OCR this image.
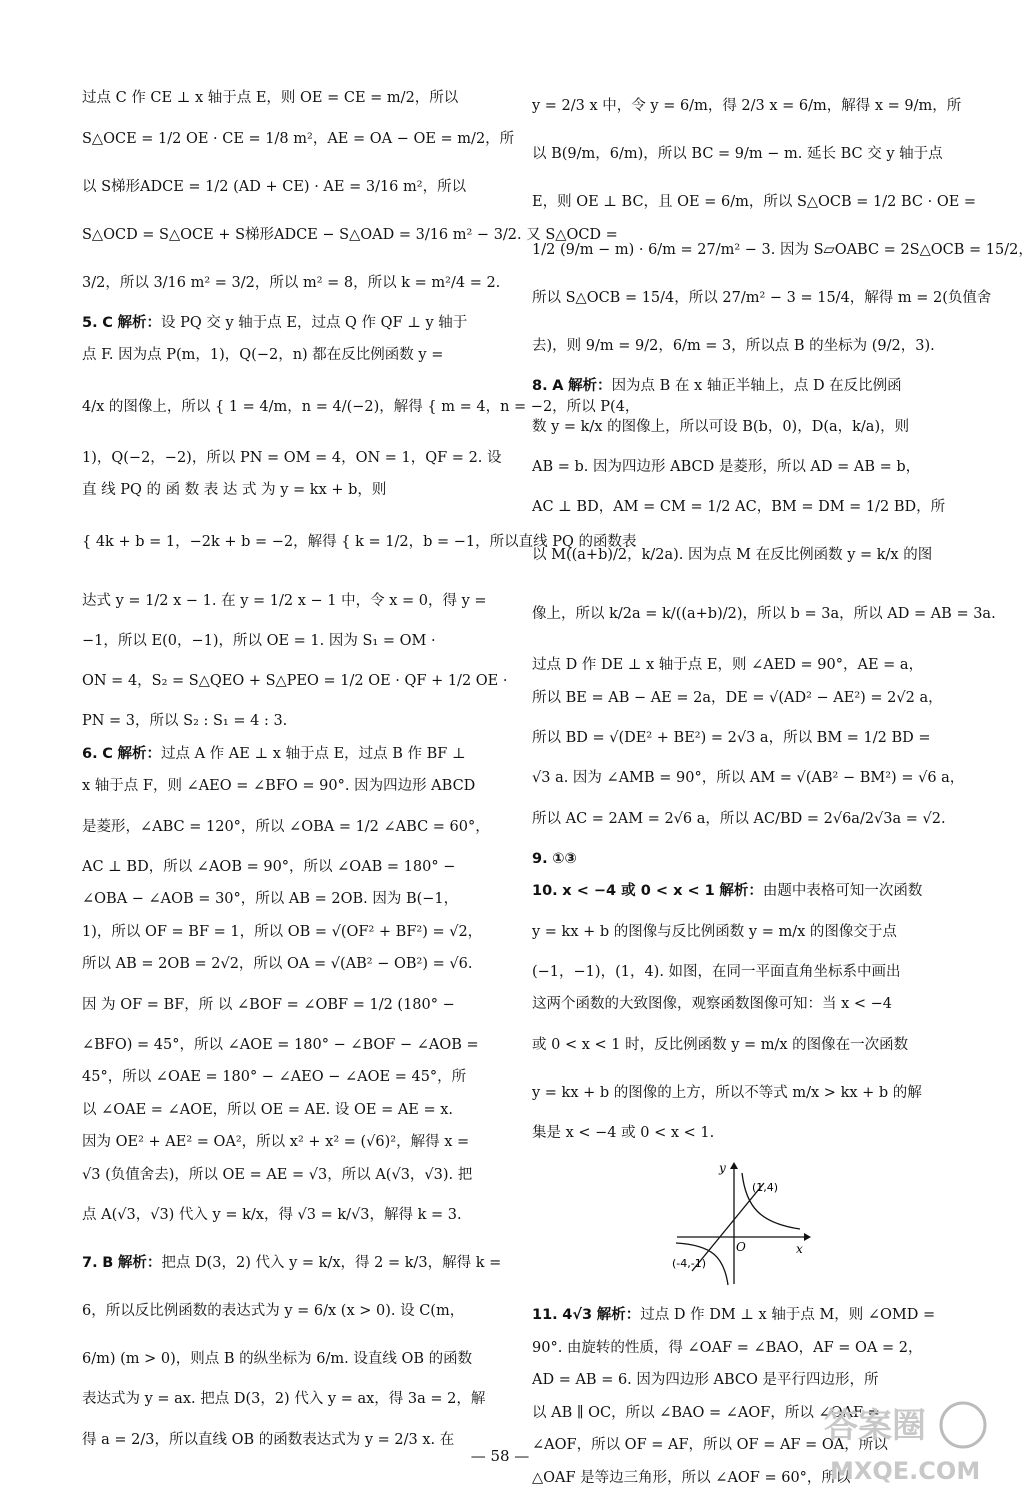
过点 C 作 CE ⊥ x 轴于点 E，则 OE = CE = m/2，所以
S△OCE = 1/2 OE · CE = 1/8 m²，AE = OA − OE = m/2，所
以 S梯形ADCE = 1/2 (AD + CE) · AE = 3/16 m²，所以
S△OCD = S△OCE + S梯形ADCE − S△OAD = 3/16 m² − 3/2. 又 S△OCD =
3/2，所以 3/16 m² = 3/2，所以 m² = 8，所以 k = m²/4 = 2.
5. C 解析：设 PQ 交 y 轴于点 E，过点 Q 作 QF ⊥ y 轴于
点 F. 因为点 P(m，1)，Q(−2，n) 都在反比例函数 y =
4/x 的图像上，所以 { 1 = 4/m，n = 4/(−2)，解得 { m = 4，n = −2，所以 P(4，
1)，Q(−2，−2)，所以 PN = OM = 4，ON = 1，QF = 2. 设
直 线 PQ 的 函 数 表 达 式 为 y = kx + b，则
{ 4k + b = 1，−2k + b = −2，解得 { k = 1/2，b = −1，所以直线 PQ 的函数表
达式 y = 1/2 x − 1. 在 y = 1/2 x − 1 中，令 x = 0，得 y =
−1，所以 E(0，−1)，所以 OE = 1. 因为 S₁ = OM ·
ON = 4，S₂ = S△QEO + S△PEO = 1/2 OE · QF + 1/2 OE ·
PN = 3，所以 S₂ : S₁ = 4 : 3.
6. C 解析：过点 A 作 AE ⊥ x 轴于点 E，过点 B 作 BF ⊥
x 轴于点 F，则 ∠AEO = ∠BFO = 90°. 因为四边形 ABCD
是菱形，∠ABC = 120°，所以 ∠OBA = 1/2 ∠ABC = 60°，
AC ⊥ BD，所以 ∠AOB = 90°，所以 ∠OAB = 180° −
∠OBA − ∠AOB = 30°，所以 AB = 2OB. 因为 B(−1，
1)，所以 OF = BF = 1，所以 OB = √(OF² + BF²) = √2，
所以 AB = 2OB = 2√2，所以 OA = √(AB² − OB²) = √6.
因 为 OF = BF，所 以 ∠BOF = ∠OBF = 1/2 (180° −
∠BFO) = 45°，所以 ∠AOE = 180° − ∠BOF − ∠AOB =
45°，所以 ∠OAE = 180° − ∠AEO − ∠AOE = 45°，所
以 ∠OAE = ∠AOE，所以 OE = AE. 设 OE = AE = x.
因为 OE² + AE² = OA²，所以 x² + x² = (√6)²，解得 x =
√3 (负值舍去)，所以 OE = AE = √3，所以 A(√3，√3). 把
点 A(√3，√3) 代入 y = k/x，得 √3 = k/√3，解得 k = 3.
7. B 解析：把点 D(3，2) 代入 y = k/x，得 2 = k/3，解得 k =
6，所以反比例函数的表达式为 y = 6/x (x > 0). 设 C(m，
6/m) (m > 0)，则点 B 的纵坐标为 6/m. 设直线 OB 的函数
表达式为 y = ax. 把点 D(3，2) 代入 y = ax，得 3a = 2，解
得 a = 2/3，所以直线 OB 的函数表达式为 y = 2/3 x. 在
y = 2/3 x 中，令 y = 6/m，得 2/3 x = 6/m，解得 x = 9/m，所
以 B(9/m，6/m)，所以 BC = 9/m − m. 延长 BC 交 y 轴于点
E，则 OE ⊥ BC，且 OE = 6/m，所以 S△OCB = 1/2 BC · OE =
1/2 (9/m − m) · 6/m = 27/m² − 3. 因为 S▱OABC = 2S△OCB = 15/2，
所以 S△OCB = 15/4，所以 27/m² − 3 = 15/4，解得 m = 2(负值舍
去)，则 9/m = 9/2，6/m = 3，所以点 B 的坐标为 (9/2，3).
8. A 解析：因为点 B 在 x 轴正半轴上，点 D 在反比例函
数 y = k/x 的图像上，所以可设 B(b，0)，D(a，k/a)，则
AB = b. 因为四边形 ABCD 是菱形，所以 AD = AB = b，
AC ⊥ BD，AM = CM = 1/2 AC，BM = DM = 1/2 BD，所
以 M((a+b)/2，k/2a). 因为点 M 在反比例函数 y = k/x 的图
像上，所以 k/2a = k/((a+b)/2)，所以 b = 3a，所以 AD = AB = 3a.
过点 D 作 DE ⊥ x 轴于点 E，则 ∠AED = 90°，AE = a，
所以 BE = AB − AE = 2a，DE = √(AD² − AE²) = 2√2 a，
所以 BD = √(DE² + BE²) = 2√3 a，所以 BM = 1/2 BD =
√3 a. 因为 ∠AMB = 90°，所以 AM = √(AB² − BM²) = √6 a，
所以 AC = 2AM = 2√6 a，所以 AC/BD = 2√6a/2√3a = √2.
9. ①③
10. x < −4 或 0 < x < 1 解析：由题中表格可知一次函数
y = kx + b 的图像与反比例函数 y = m/x 的图像交于点
(−1，−1)，(1，4). 如图，在同一平面直角坐标系中画出
这两个函数的大致图像，观察函数图像可知：当 x < −4
或 0 < x < 1 时，反比例函数 y = m/x 的图像在一次函数
y = kx + b 的图像的上方，所以不等式 m/x > kx + b 的解
集是 x < −4 或 0 < x < 1.
y
x
O
(1,4)
(-4,-1)
11. 4√3 解析：过点 D 作 DM ⊥ x 轴于点 M，则 ∠OMD =
90°. 由旋转的性质，得 ∠OAF = ∠BAO，AF = OA = 2，
AD = AB = 6. 因为四边形 ABCO 是平行四边形，所
以 AB ∥ OC，所以 ∠BAO = ∠AOF，所以 ∠OAF =
∠AOF，所以 OF = AF，所以 OF = AF = OA，所以
△OAF 是等边三角形，所以 ∠AOF = 60°，所以
— 58 —
答案圈
MXQE.COM
